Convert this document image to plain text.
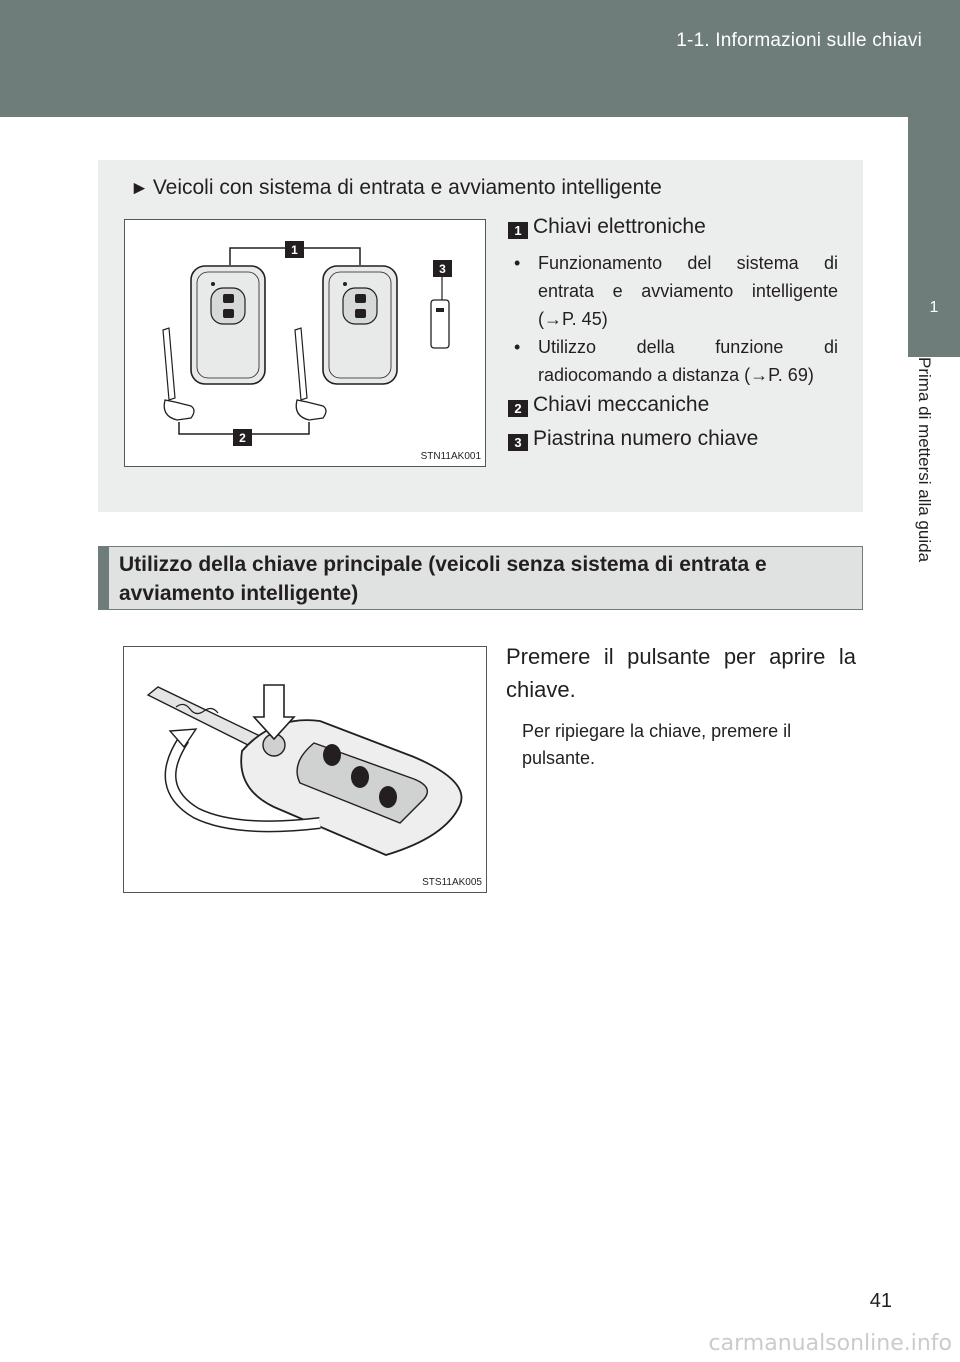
1-1. Informazioni sulle chiavi
1
Prima di mettersi alla guida
► Veicoli con sistema di entrata e avviamento intelligente
1
2
3
STN11AK001
1 Chiavi elettroniche
• Funzionamento del sistema di entrata e avviamento intelligente (→P. 45)
• Utilizzo della funzione di radiocomando a distanza (→P. 69)
2 Chiavi meccaniche
3 Piastrina numero chiave
Utilizzo della chiave principale (veicoli senza sistema di entrata e avviamento intelligente)
STS11AK005
Premere il pulsante per aprire la chiave.
Per ripiegare la chiave, premere il pulsante.
41
carmanualsonline.info
